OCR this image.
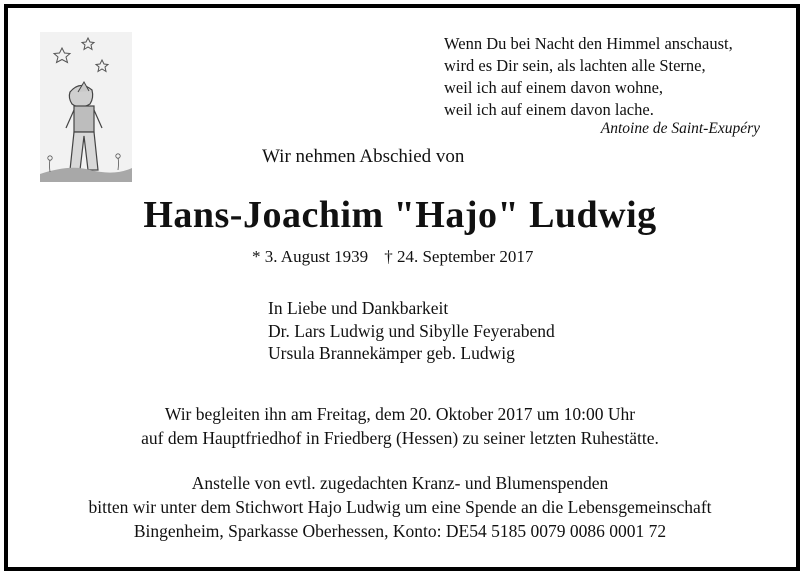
Wenn Du bei Nacht den Himmel anschaust,
wird es Dir sein, als lachten alle Sterne,
weil ich auf einem davon wohne,
weil ich auf einem davon lache.
Antoine de Saint-Exupéry
Wir nehmen Abschied von
Hans-Joachim "Hajo" Ludwig
* 3. August 1939 † 24. September 2017
In Liebe und Dankbarkeit
Dr. Lars Ludwig und Sibylle Feyerabend
Ursula Brannekämper geb. Ludwig
Wir begleiten ihn am Freitag, dem 20. Oktober 2017 um 10:00 Uhr
auf dem Hauptfriedhof in Friedberg (Hessen) zu seiner letzten Ruhestätte.
Anstelle von evtl. zugedachten Kranz- und Blumenspenden
bitten wir unter dem Stichwort Hajo Ludwig um eine Spende an die Lebensgemeinschaft
Bingenheim, Sparkasse Oberhessen, Konto: DE54 5185 0079 0086 0001 72
